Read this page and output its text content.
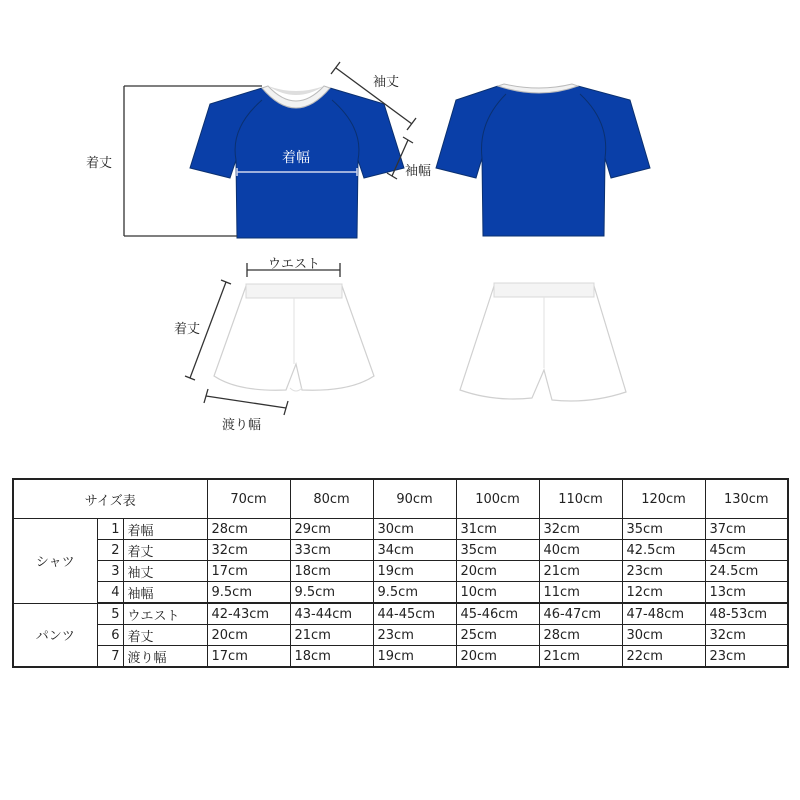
着丈	着幅
袖丈
袖幅
ウエスト
着丈
渡り幅
サイズ表			70cm	80cm	90cm	100cm	110cm	120cm	130cm
シャツ	1	着幅	28cm	29cm	30cm	31cm	32cm	35cm	37cm
	2	着丈	32cm	33cm	34cm	35cm	40cm	42.5cm	45cm
	3	袖丈	17cm	18cm	19cm	20cm	21cm	23cm	24.5cm
	4	袖幅	9.5cm	9.5cm	9.5cm	10cm	11cm	12cm	13cm
パンツ	5	ウエスト	42-43cm	43-44cm	44-45cm	45-46cm	46-47cm	47-48cm	48-53cm
	6	着丈	20cm	21cm	23cm	25cm	28cm	30cm	32cm
	7	渡り幅	17cm	18cm	19cm	20cm	21cm	22cm	23cm
